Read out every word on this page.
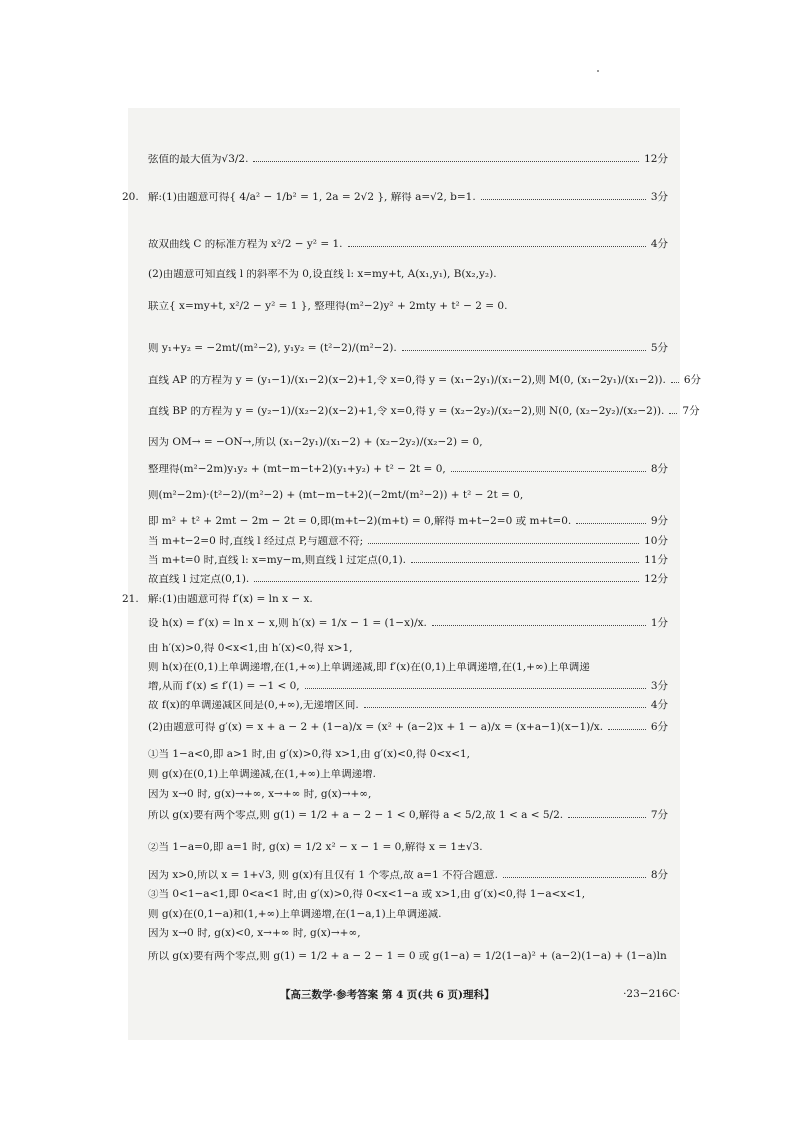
弦值的最大值为√3/2.	12分
20. 解:(1)由题意可得{ 4/a² − 1/b² = 1, 2a = 2√2 }, 解得 a=√2, b=1.	3分
故双曲线 C 的标准方程为 x²/2 − y² = 1.	4分
(2)由题意可知直线 l 的斜率不为 0,设直线 l: x=my+t, A(x₁,y₁), B(x₂,y₂).
联立{ x=my+t, x²/2 − y² = 1 }, 整理得(m²−2)y² + 2mty + t² − 2 = 0.
则 y₁+y₂ = −2mt/(m²−2), y₁y₂ = (t²−2)/(m²−2).	5分
直线 AP 的方程为 y = (y₁−1)/(x₁−2)(x−2)+1,令 x=0,得 y = (x₁−2y₁)/(x₁−2),则 M(0, (x₁−2y₁)/(x₁−2)). 6分
直线 BP 的方程为 y = (y₂−1)/(x₂−2)(x−2)+1,令 x=0,得 y = (x₂−2y₂)/(x₂−2),则 N(0, (x₂−2y₂)/(x₂−2)). 7分
因为 OM→ = −ON→,所以 (x₁−2y₁)/(x₁−2) + (x₂−2y₂)/(x₂−2) = 0,
整理得(m²−2m)y₁y₂ + (mt−m−t+2)(y₁+y₂) + t² − 2t = 0,	8分
则(m²−2m)·(t²−2)/(m²−2) + (mt−m−t+2)(−2mt/(m²−2)) + t² − 2t = 0,
即 m² + t² + 2mt − 2m − 2t = 0,即(m+t−2)(m+t) = 0,解得 m+t−2=0 或 m+t=0.	9分
当 m+t−2=0 时,直线 l 经过点 P,与题意不符;	10分
当 m+t=0 时,直线 l: x=my−m,则直线 l 过定点(0,1).	11分
故直线 l 过定点(0,1).	12分
21. 解:(1)由题意可得 f′(x) = ln x − x.
设 h(x) = f′(x) = ln x − x,则 h′(x) = 1/x − 1 = (1−x)/x.	1分
由 h′(x)>0,得 0<x<1,由 h′(x)<0,得 x>1,
则 h(x)在(0,1)上单调递增,在(1,+∞)上单调递减,即 f′(x)在(0,1)上单调递增,在(1,+∞)上单调递
增,从而 f′(x) ≤ f′(1) = −1 < 0,	3分
故 f(x)的单调递减区间是(0,+∞),无递增区间.	4分
(2)由题意可得 g′(x) = x + a − 2 + (1−a)/x = (x² + (a−2)x + 1 − a)/x = (x+a−1)(x−1)/x.	6分
①当 1−a<0,即 a>1 时,由 g′(x)>0,得 x>1,由 g′(x)<0,得 0<x<1,
则 g(x)在(0,1)上单调递减,在(1,+∞)上单调递增.
因为 x→0 时, g(x)→+∞, x→+∞ 时, g(x)→+∞,
所以 g(x)要有两个零点,则 g(1) = 1/2 + a − 2 − 1 < 0,解得 a < 5/2,故 1 < a < 5/2.	7分
②当 1−a=0,即 a=1 时, g(x) = 1/2 x² − x − 1 = 0,解得 x = 1±√3.
因为 x>0,所以 x = 1+√3, 则 g(x)有且仅有 1 个零点,故 a=1 不符合题意.	8分
③当 0<1−a<1,即 0<a<1 时,由 g′(x)>0,得 0<x<1−a 或 x>1,由 g′(x)<0,得 1−a<x<1,
则 g(x)在(0,1−a)和(1,+∞)上单调递增,在(1−a,1)上单调递减.
因为 x→0 时, g(x)<0, x→+∞ 时, g(x)→+∞,
所以 g(x)要有两个零点,则 g(1) = 1/2 + a − 2 − 1 = 0 或 g(1−a) = 1/2(1−a)² + (a−2)(1−a) + (1−a)ln
【高三数学·参考答案 第 4 页(共 6 页)理科】	·23−216C·
